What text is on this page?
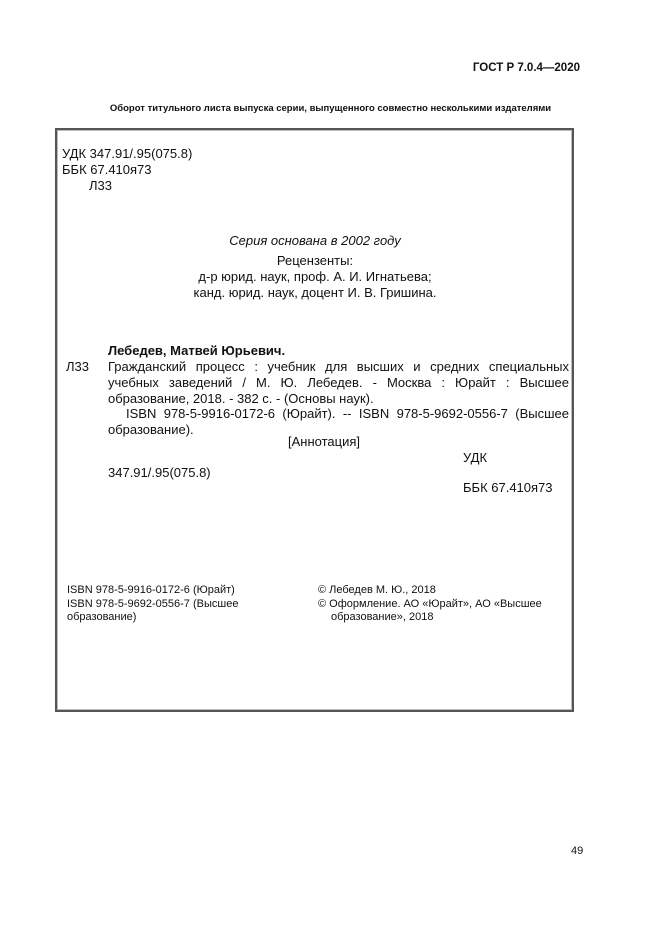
ГОСТ Р 7.0.4—2020
Оборот титульного листа выпуска серии, выпущенного совместно несколькими издателями
УДК 347.91/.95(075.8)
ББК 67.410я73
Л33
Серия основана в 2002 году
Рецензенты:
д-р юрид. наук, проф. А. И. Игнатьева;
канд. юрид. наук, доцент И. В. Гришина.
Лебедев, Матвей Юрьевич.
Л33 Гражданский процесс : учебник для высших и средних специальных
учебных заведений / М. Ю. Лебедев. - Москва : Юрайт : Высшее
образование, 2018. - 382 с. - (Основы наук).
ISBN 978-5-9916-0172-6 (Юрайт). -- ISBN 978-5-9692-0556-7 (Высшее
образование).
[Аннотация]
УДК
347.91/.95(075.8)
ББК 67.410я73
ISBN 978-5-9916-0172-6 (Юрайт)
ISBN 978-5-9692-0556-7 (Высшее
образование)
© Лебедев М. Ю., 2018
© Оформление. АО «Юрайт», АО «Высшее
образование», 2018
49
